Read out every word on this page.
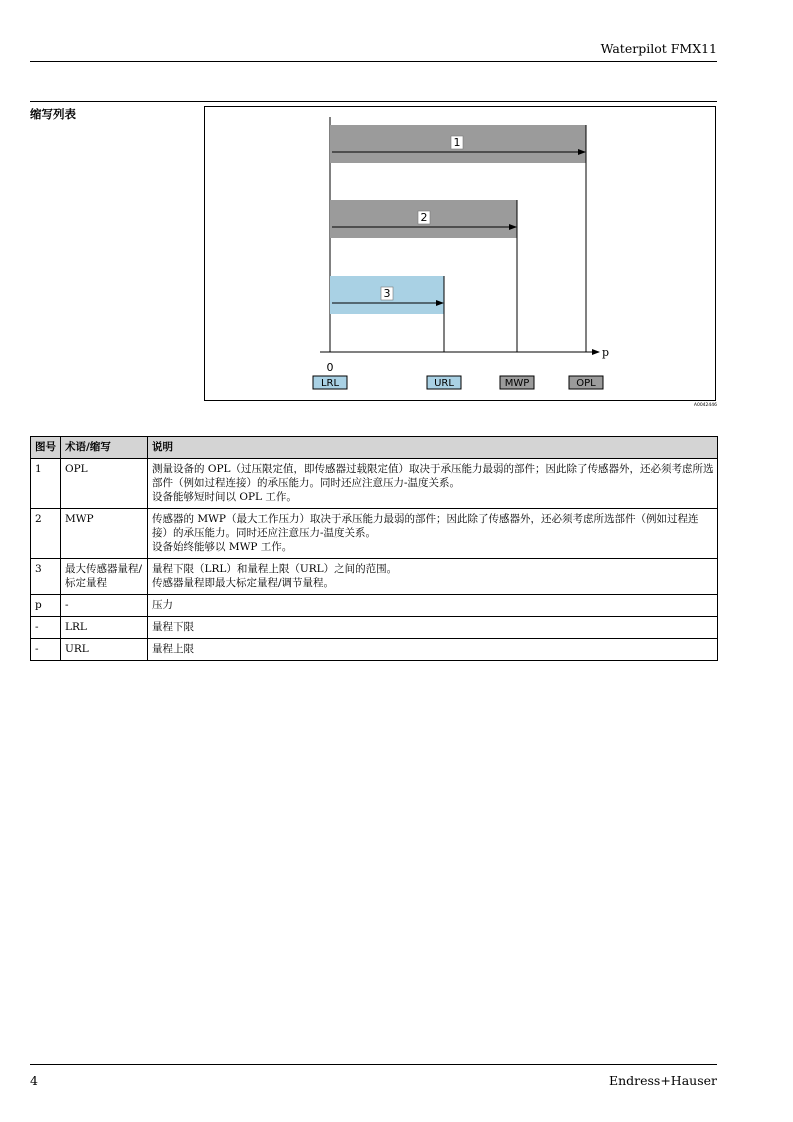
Waterpilot FMX11
缩写列表
1
2
3
p
0
LRL	URL	MWP	OPL
A0042446
图号	术语/缩写	说明
1	OPL	测量设备的 OPL（过压限定值，即传感器过载限定值）取决于承压能力最弱的部件；因此除了传感器外，还必须考虑所选部件（例如过程连接）的承压能力。同时还应注意压力-温度关系。
设备能够短时间以 OPL 工作。

2	MWP	传感器的 MWP（最大工作压力）取决于承压能力最弱的部件；因此除了传感器外，还必须考虑所选部件（例如过程连接）的承压能力。同时还应注意压力-温度关系。
设备始终能够以 MWP 工作。

3	最大传感器量程/
标定量程	量程下限（LRL）和量程上限（URL）之间的范围。
传感器量程即最大标定量程/调节量程。

p	-	压力

-	LRL	量程下限

-	URL	量程上限
4	Endress+Hauser
